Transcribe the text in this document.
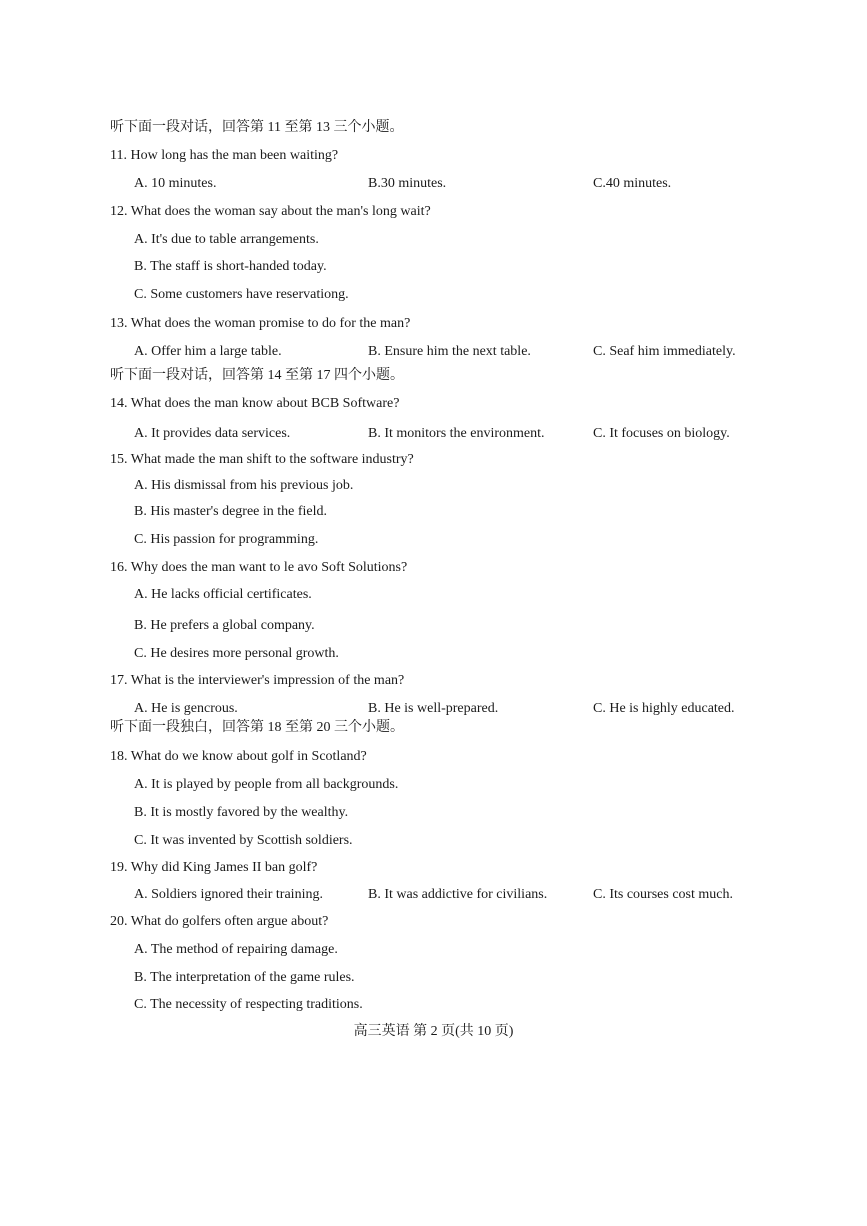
听下面一段对话，回答第 11 至第 13 三个小题。
11. How long has the man been waiting?
A. 10 minutes.	B.30 minutes.	C.40 minutes.
12. What does the woman say about the man's long wait?
A. It's due to table arrangements.
B. The staff is short-handed today.
C. Some customers have reservationg.
13. What does the woman promise to do for the man?
A. Offer him a large table.	B. Ensure him the next table.	C. Seaf him immediately.
听下面一段对话，回答第 14 至第 17 四个小题。
14. What does the man know about BCB Software?
A. It provides data services.	B. It monitors the environment.	C. It focuses on biology.
15. What made the man shift to the software industry?
A. His dismissal from his previous job.
B. His master's degree in the field.
C. His passion for programming.
16. Why does the man want to le avo Soft Solutions?
A. He lacks official certificates.
B. He prefers a global company.
C. He desires more personal growth.
17. What is the interviewer's impression of the man?
A. He is gencrous.	B. He is well-prepared.	C. He is highly educated.
听下面一段独白，回答第 18 至第 20 三个小题。
18. What do we know about golf in Scotland?
A. It is played by people from all backgrounds.
B. It is mostly favored by the wealthy.
C. It was invented by Scottish soldiers.
19. Why did King James II ban golf?
A. Soldiers ignored their training.	B. It was addictive for civilians.	C. Its courses cost much.
20. What do golfers often argue about?
A. The method of repairing damage.
B. The interpretation of the game rules.
C. The necessity of respecting traditions.
高三英语 第 2 页(共 10 页)
